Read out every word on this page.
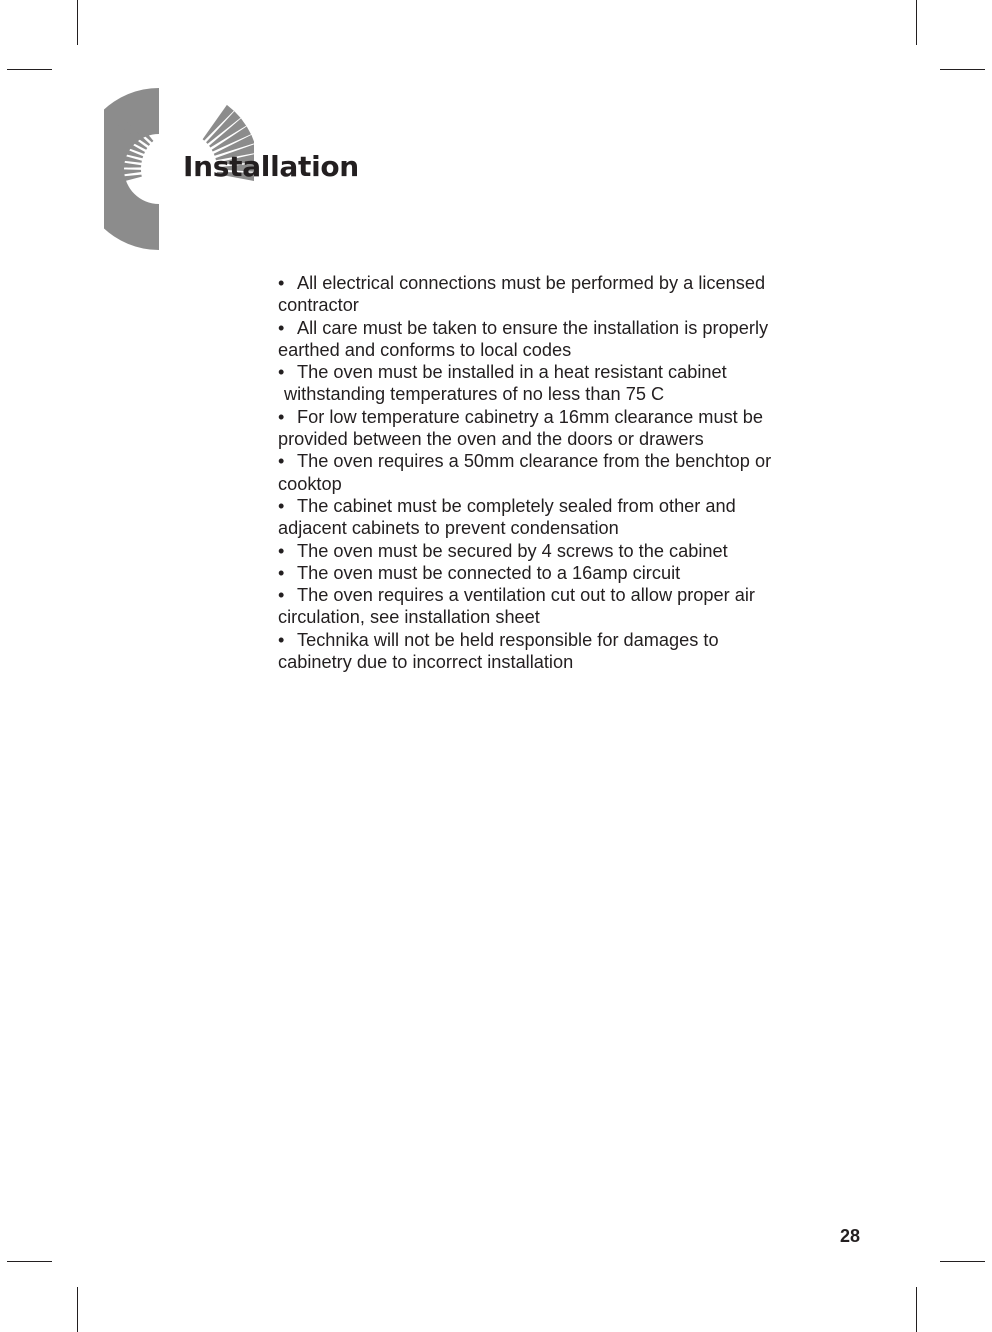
Installation
• All electrical connections must be performed by a licensed
contractor
• All care must be taken to ensure the installation is properly
earthed and conforms to local codes
• The oven must be installed in a heat resistant cabinet
withstanding temperatures of no less than 75 C
• For low temperature cabinetry a 16mm clearance must be
provided between the oven and the doors or drawers
• The oven requires a 50mm clearance from the benchtop or
cooktop
• The cabinet must be completely sealed from other and
adjacent cabinets to prevent condensation
• The oven must be secured by 4 screws to the cabinet
• The oven must be connected to a 16amp circuit
• The oven requires a ventilation cut out to allow proper air
circulation, see installation sheet
• Technika will not be held responsible for damages to
cabinetry due to incorrect installation
28
